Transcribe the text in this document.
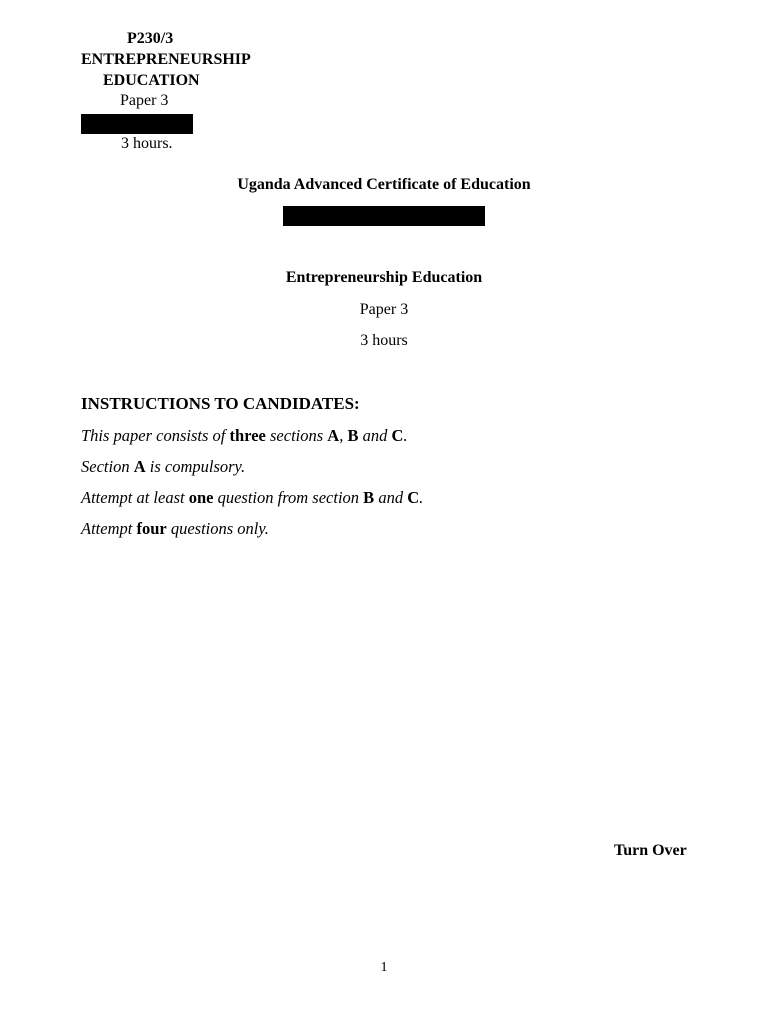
P230/3
ENTREPRENEURSHIP
EDUCATION
Paper 3
3 hours.
Uganda Advanced Certificate of Education
Entrepreneurship Education
Paper 3
3 hours
INSTRUCTIONS TO CANDIDATES:
This paper consists of three sections A, B and C.
Section A is compulsory.
Attempt at least one question from section B and C.
Attempt four questions only.
Turn Over
1
